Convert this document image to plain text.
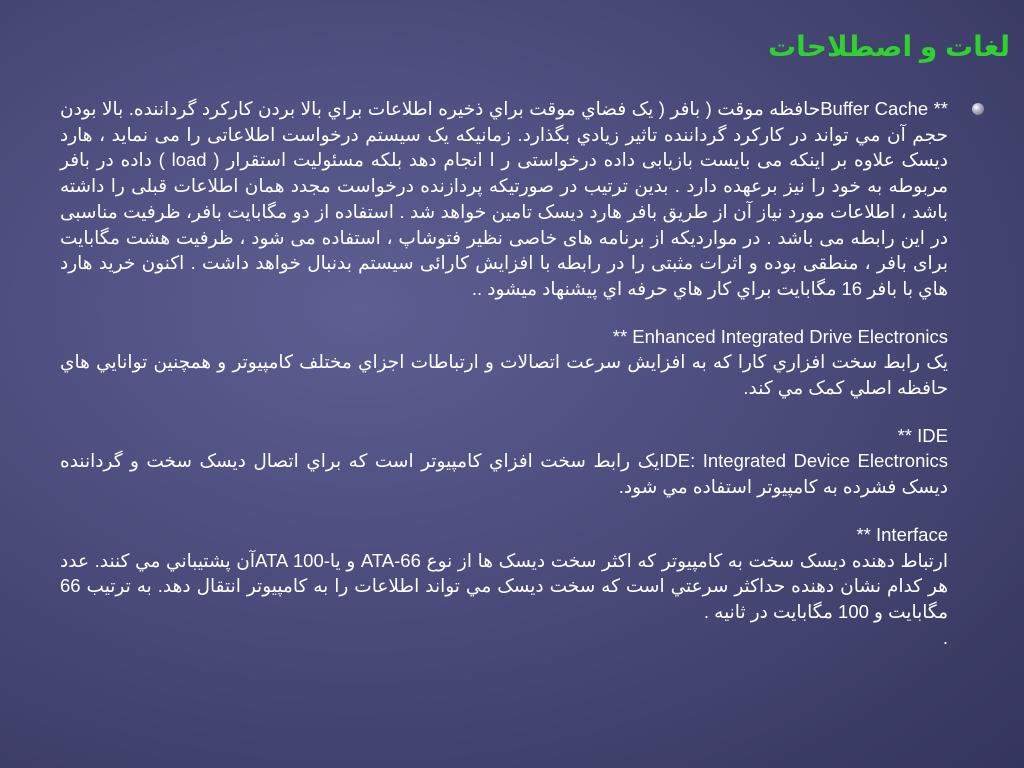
لغات و اصطلاحات

Buffer Cache **حافظه موقت ( بافر ( يک فضاي موقت براي ذخيره اطلاعات براي بالا بردن کارکرد گرداننده. بالا بودن حجم آن مي تواند در کارکرد گرداننده تاثير زيادي بگذارد. زمانيکه يک سيستم درخواست اطلاعاتی را می نماید ، هارد دیسک علاوه بر اینکه می بایست بازیابی داده درخواستی ر ا انجام دهد بلکه مسئولیت استقرار ( load ) داده در بافر مربوطه به خود را نیز برعهده دارد . بدین ترتیب در صورتیکه پردازنده درخواست مجدد همان اطلاعات قبلی را داشته باشد ، اطلاعات مورد نیاز آن از طریق بافر هارد دیسک تامین خواهد شد . استفاده از دو مگابایت بافر، ظرفیت مناسبی در این رابطه می باشد . در مواردیکه از برنامه های خاصی نظیر فتوشاپ ، استفاده می شود ، ظرفیت هشت مگابایت برای بافر ، منطقی بوده و اثرات مثبتی را در رابطه با افزایش کارائی سیستم بدنبال خواهد داشت . اکنون خريد هارد هاي با بافر 16 مگابايت براي کار هاي حرفه اي پيشنهاد ميشود ..

** Enhanced Integrated Drive Electronics
يک رابط سخت افزاري کارا که به افزايش سرعت اتصالات و ارتباطات اجزاي مختلف کامپيوتر و همچنين توانايي هاي حافظه اصلي کمک مي کند.

** IDE
IDE: Integrated Device Electronicsيک رابط سخت افزاي کامپيوتر است که براي اتصال ديسک سخت و گرداننده ديسک فشرده به کامپيوتر استفاده مي شود.

** Interface
ارتباط دهنده ديسک سخت به کامپيوتر که اکثر سخت ديسک ها از نوع ATA-66 و يا-ATA 100آن پشتيباني مي کنند. عدد هر کدام نشان دهنده حداکثر سرعتي است که سخت ديسک مي تواند اطلاعات را به کامپيوتر انتقال دهد. به ترتيب 66 مگابايت و 100 مگابايت در ثانيه .
.
